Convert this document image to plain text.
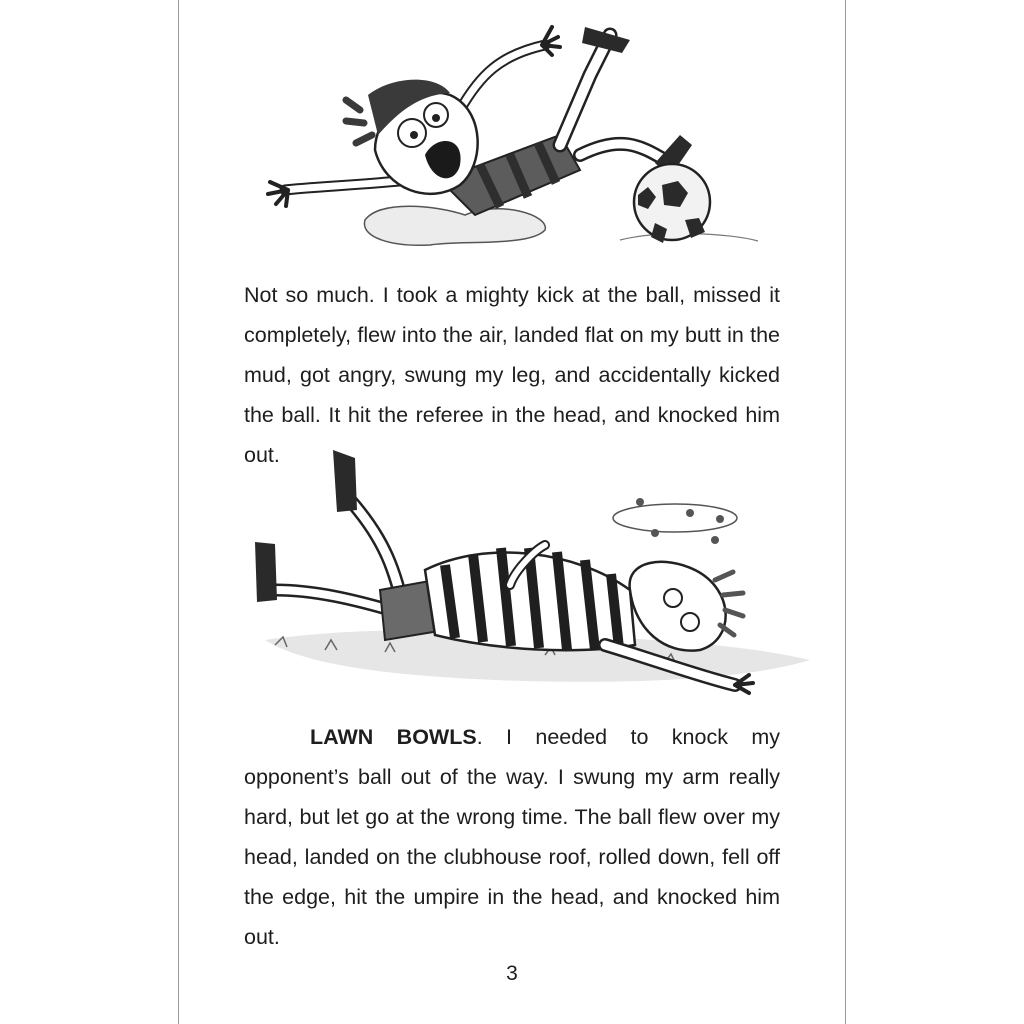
Not so much. I took a mighty kick at the ball, missed it completely, flew into the air, landed flat on my butt in the mud, got angry, swung my leg, and accidentally kicked the ball. It hit the referee in the head, and knocked him out.

LAWN BOWLS. I needed to knock my opponent’s ball out of the way. I swung my arm really hard, but let go at the wrong time. The ball flew over my head, landed on the clubhouse roof, rolled down, fell off the edge, hit the umpire in the head, and knocked him out.

3
